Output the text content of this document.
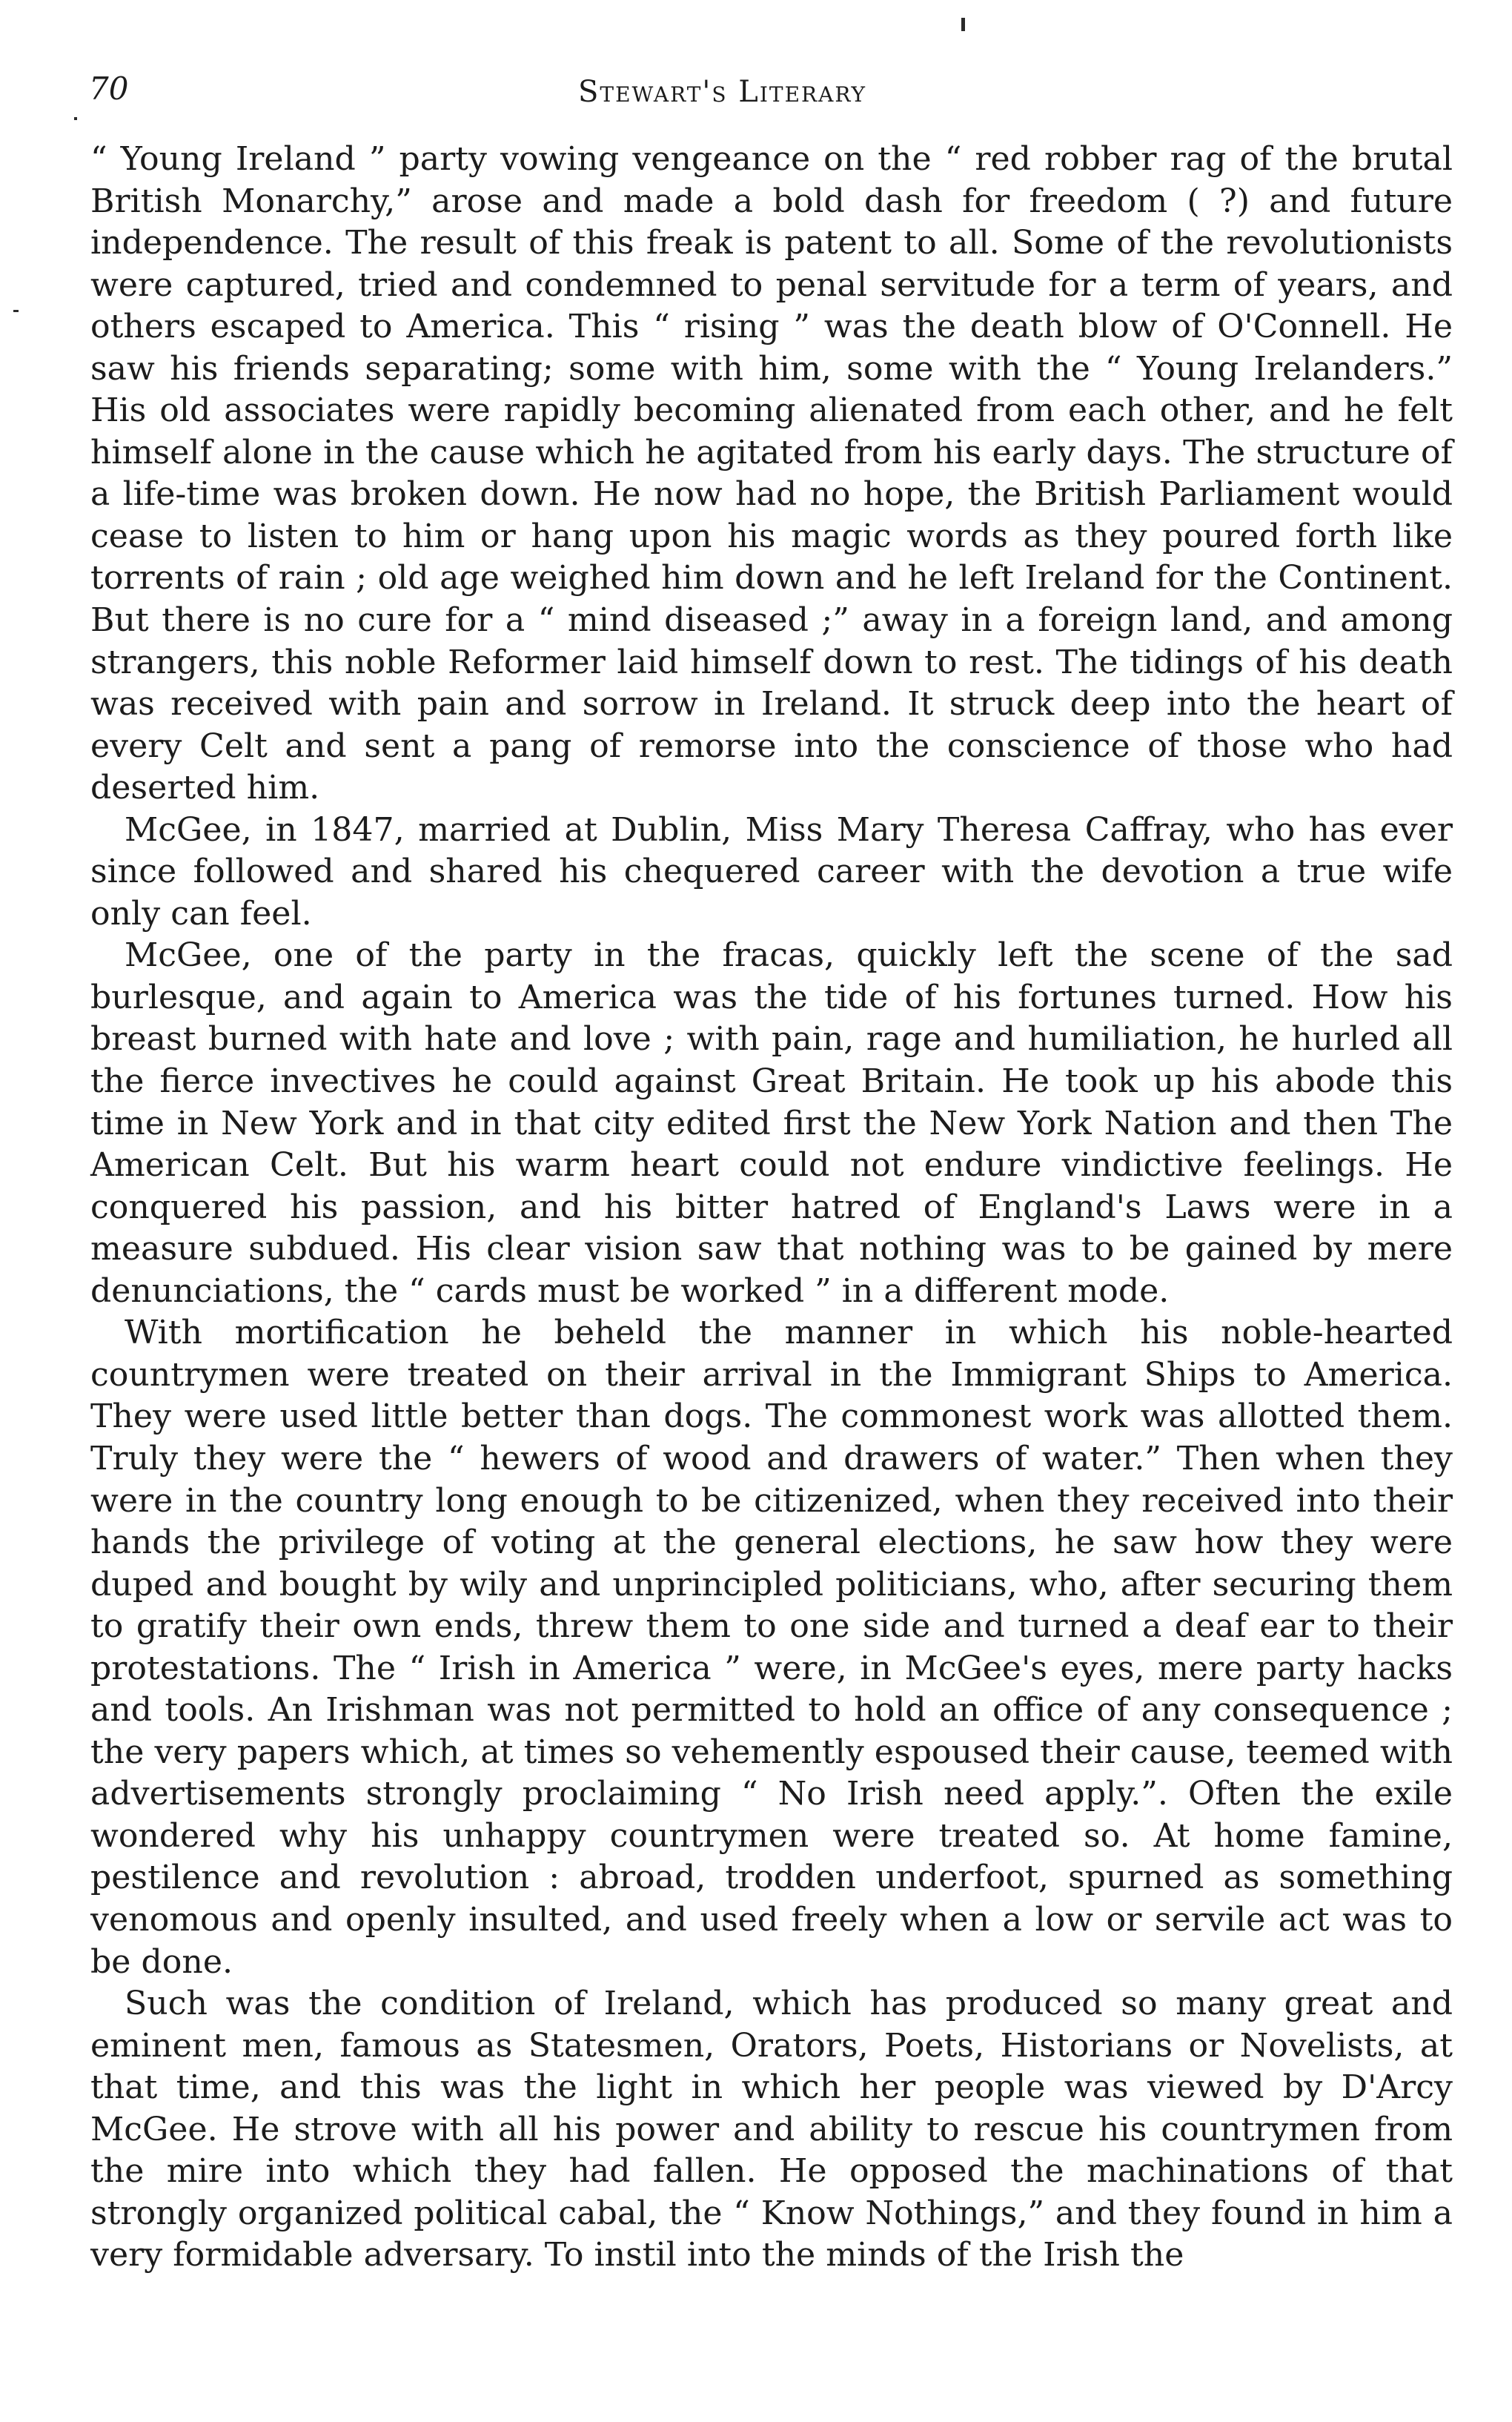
70	Stewart's Literary

“ Young Ireland ” party vowing vengeance on the “ red robber rag of the brutal British Monarchy,” arose and made a bold dash for freedom ( ?) and future independence. The result of this freak is patent to all. Some of the revolutionists were captured, tried and condemned to penal servitude for a term of years, and others escaped to America. This “ rising ” was the death blow of O'Connell. He saw his friends separating; some with him, some with the “ Young Irelanders.” His old associates were rapidly becoming alienated from each other, and he felt himself alone in the cause which he agitated from his early days. The structure of a life-time was broken down. He now had no hope, the British Parliament would cease to listen to him or hang upon his magic words as they poured forth like torrents of rain ; old age weighed him down and he left Ireland for the Continent. But there is no cure for a “ mind diseased ;” away in a foreign land, and among strangers, this noble Reformer laid himself down to rest. The tidings of his death was received with pain and sorrow in Ireland. It struck deep into the heart of every Celt and sent a pang of remorse into the conscience of those who had deserted him.

McGee, in 1847, married at Dublin, Miss Mary Theresa Caffray, who has ever since followed and shared his chequered career with the devotion a true wife only can feel.

McGee, one of the party in the fracas, quickly left the scene of the sad burlesque, and again to America was the tide of his fortunes turned. How his breast burned with hate and love ; with pain, rage and humiliation, he hurled all the fierce invectives he could against Great Britain. He took up his abode this time in New York and in that city edited first the New York Nation and then The American Celt. But his warm heart could not endure vindictive feelings. He conquered his passion, and his bitter hatred of England's Laws were in a measure subdued. His clear vision saw that nothing was to be gained by mere denunciations, the “ cards must be worked ” in a different mode.

With mortification he beheld the manner in which his noble-hearted countrymen were treated on their arrival in the Immigrant Ships to America. They were used little better than dogs. The commonest work was allotted them. Truly they were the “ hewers of wood and drawers of water.” Then when they were in the country long enough to be citizenized, when they received into their hands the privilege of voting at the general elections, he saw how they were duped and bought by wily and unprincipled politicians, who, after securing them to gratify their own ends, threw them to one side and turned a deaf ear to their protestations. The “ Irish in America ” were, in McGee's eyes, mere party hacks and tools. An Irishman was not permitted to hold an office of any consequence ; the very papers which, at times so vehemently espoused their cause, teemed with advertisements strongly proclaiming “ No Irish need apply.”. Often the exile wondered why his unhappy countrymen were treated so. At home famine, pestilence and revolution : abroad, trodden underfoot, spurned as something venomous and openly insulted, and used freely when a low or servile act was to be done.

Such was the condition of Ireland, which has produced so many great and eminent men, famous as Statesmen, Orators, Poets, Historians or Novelists, at that time, and this was the light in which her people was viewed by D'Arcy McGee. He strove with all his power and ability to rescue his countrymen from the mire into which they had fallen. He opposed the machinations of that strongly organized political cabal, the “ Know Nothings,” and they found in him a very formidable adversary. To instil into the minds of the Irish the
